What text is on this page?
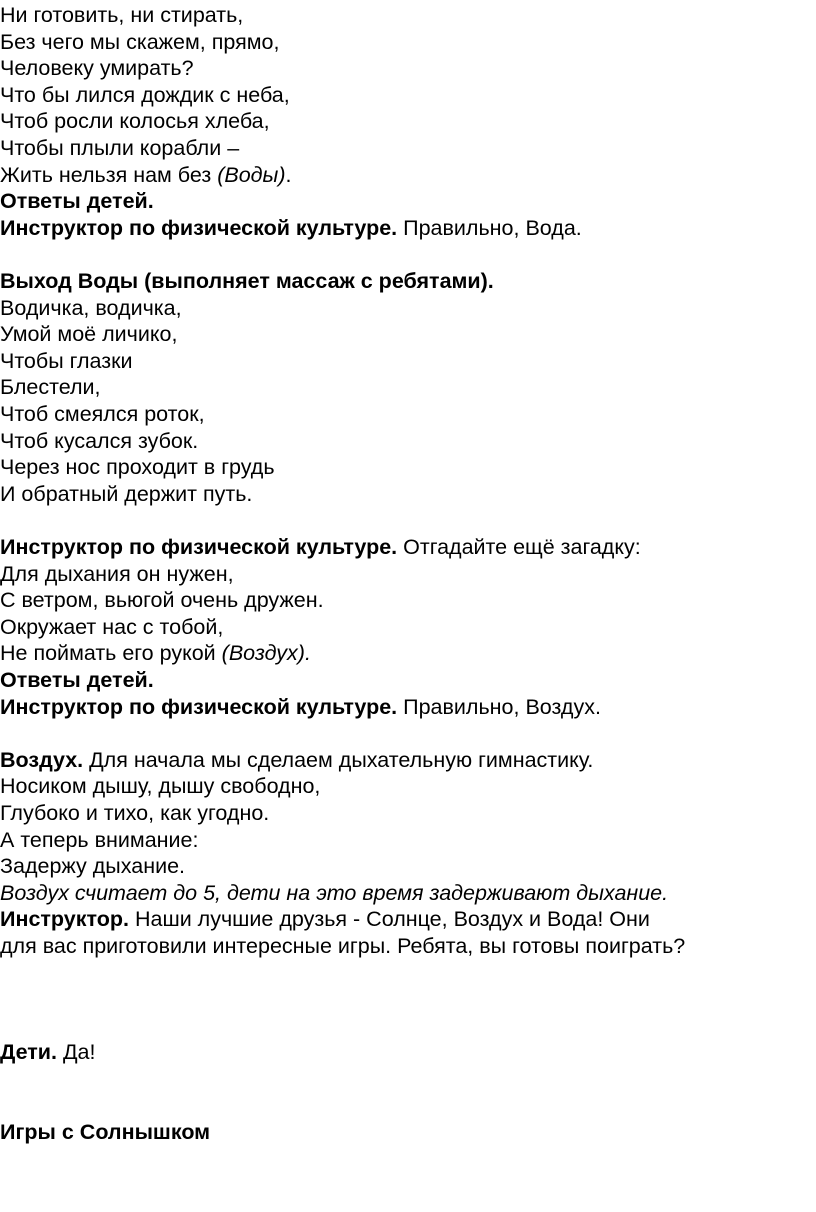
Ни готовить, ни стирать,
Без чего мы скажем, прямо,
Человеку умирать?
Что бы лился дождик с неба,
Чтоб росли колосья хлеба,
Чтобы плыли корабли –
Жить нельзя нам без (Воды).
Ответы детей.
Инструктор по физической культуре. Правильно, Вода.
Выход Воды (выполняет массаж с ребятами).
Водичка, водичка,
Умой моё личико,
Чтобы глазки
Блестели,
Чтоб смеялся роток,
Чтоб кусался зубок.
Через нос проходит в грудь
И обратный держит путь.
Инструктор по физической культуре. Отгадайте ещё загадку:
Для дыхания он нужен,
С ветром, вьюгой очень дружен.
Окружает нас с тобой,
Не поймать его рукой (Воздух).
Ответы детей.
Инструктор по физической культуре. Правильно, Воздух.
Воздух. Для начала мы сделаем дыхательную гимнастику.
Носиком дышу, дышу свободно,
Глубоко и тихо, как угодно.
А теперь внимание:
Задержу дыхание.
Воздух считает до 5, дети на это время задерживают дыхание.
Инструктор. Наши лучшие друзья - Солнце, Воздух и Вода! Они
для вас приготовили интересные игры. Ребята, вы готовы поиграть?
Дети. Да!
Игры с Солнышком
